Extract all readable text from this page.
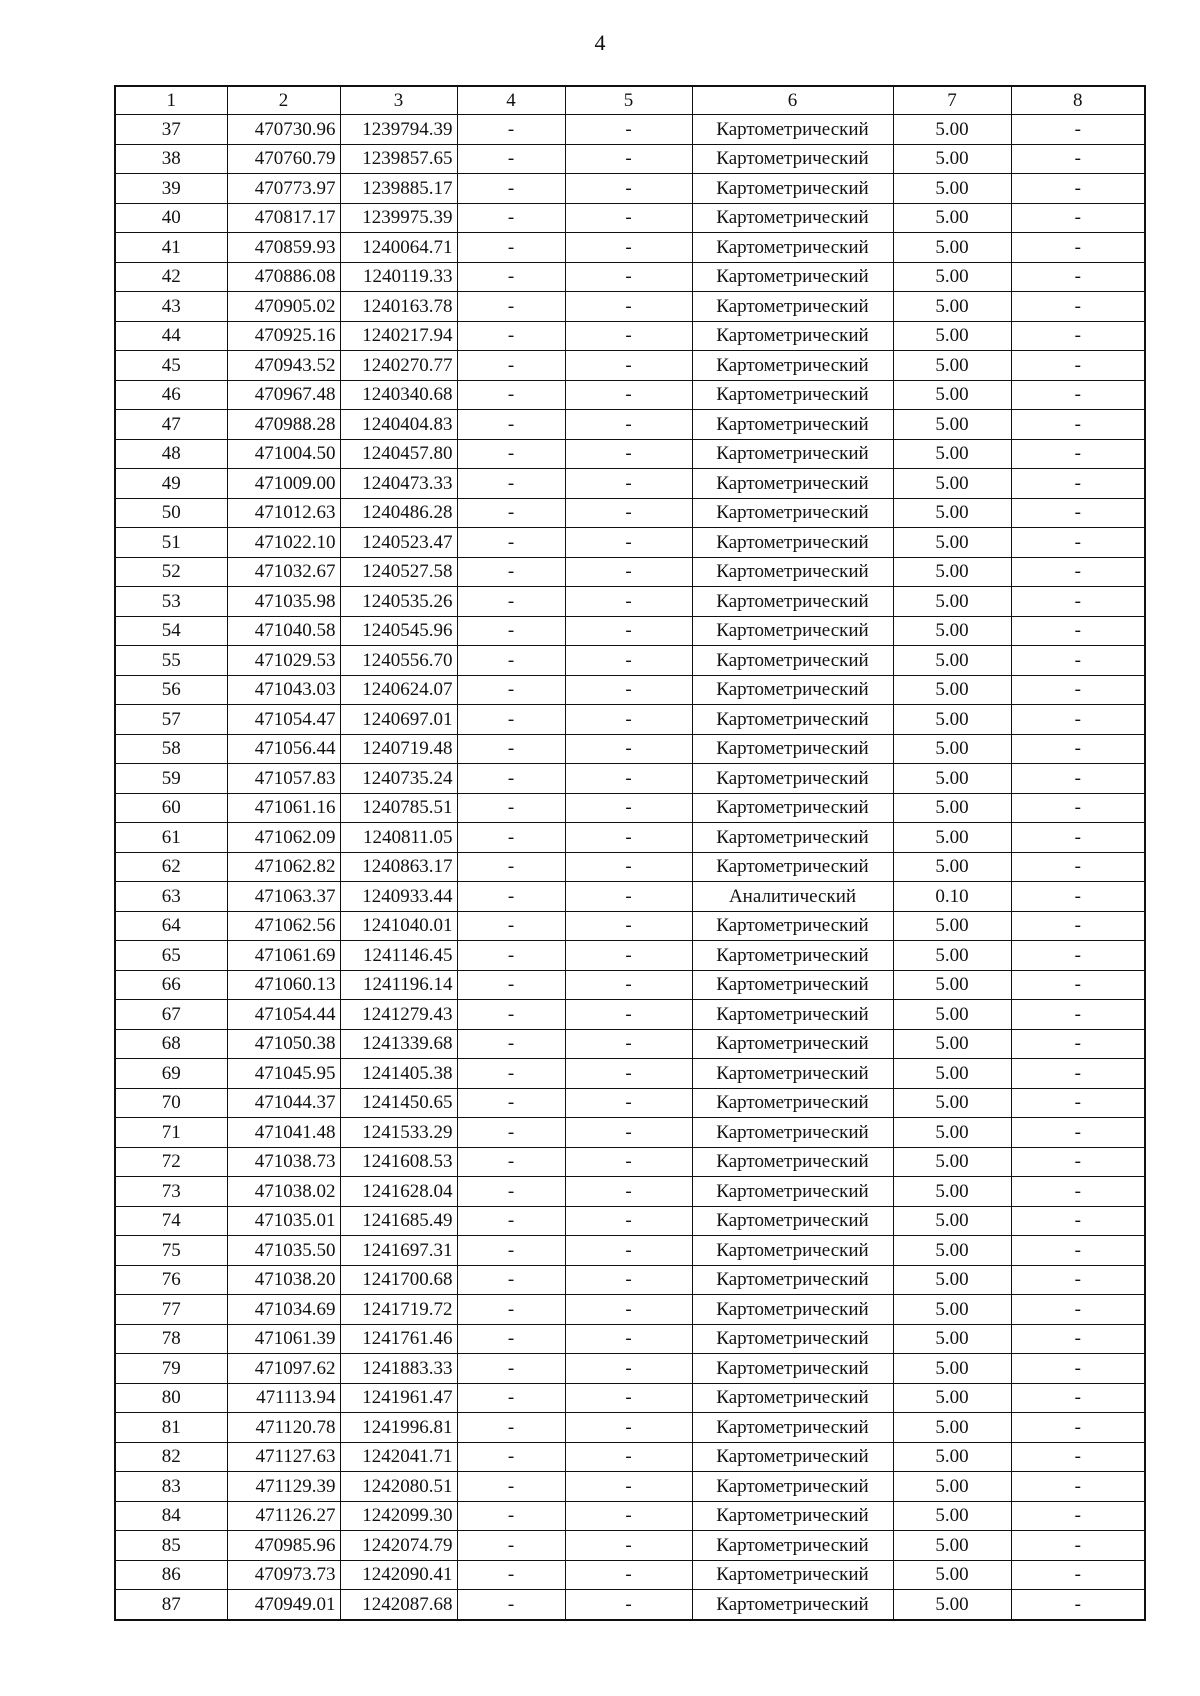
4
1	2	3	4	5	6	7	8
37	470730.96	1239794.39	-	-	Картометрический	5.00	-
38	470760.79	1239857.65	-	-	Картометрический	5.00	-
39	470773.97	1239885.17	-	-	Картометрический	5.00	-
40	470817.17	1239975.39	-	-	Картометрический	5.00	-
41	470859.93	1240064.71	-	-	Картометрический	5.00	-
42	470886.08	1240119.33	-	-	Картометрический	5.00	-
43	470905.02	1240163.78	-	-	Картометрический	5.00	-
44	470925.16	1240217.94	-	-	Картометрический	5.00	-
45	470943.52	1240270.77	-	-	Картометрический	5.00	-
46	470967.48	1240340.68	-	-	Картометрический	5.00	-
47	470988.28	1240404.83	-	-	Картометрический	5.00	-
48	471004.50	1240457.80	-	-	Картометрический	5.00	-
49	471009.00	1240473.33	-	-	Картометрический	5.00	-
50	471012.63	1240486.28	-	-	Картометрический	5.00	-
51	471022.10	1240523.47	-	-	Картометрический	5.00	-
52	471032.67	1240527.58	-	-	Картометрический	5.00	-
53	471035.98	1240535.26	-	-	Картометрический	5.00	-
54	471040.58	1240545.96	-	-	Картометрический	5.00	-
55	471029.53	1240556.70	-	-	Картометрический	5.00	-
56	471043.03	1240624.07	-	-	Картометрический	5.00	-
57	471054.47	1240697.01	-	-	Картометрический	5.00	-
58	471056.44	1240719.48	-	-	Картометрический	5.00	-
59	471057.83	1240735.24	-	-	Картометрический	5.00	-
60	471061.16	1240785.51	-	-	Картометрический	5.00	-
61	471062.09	1240811.05	-	-	Картометрический	5.00	-
62	471062.82	1240863.17	-	-	Картометрический	5.00	-
63	471063.37	1240933.44	-	-	Аналитический	0.10	-
64	471062.56	1241040.01	-	-	Картометрический	5.00	-
65	471061.69	1241146.45	-	-	Картометрический	5.00	-
66	471060.13	1241196.14	-	-	Картометрический	5.00	-
67	471054.44	1241279.43	-	-	Картометрический	5.00	-
68	471050.38	1241339.68	-	-	Картометрический	5.00	-
69	471045.95	1241405.38	-	-	Картометрический	5.00	-
70	471044.37	1241450.65	-	-	Картометрический	5.00	-
71	471041.48	1241533.29	-	-	Картометрический	5.00	-
72	471038.73	1241608.53	-	-	Картометрический	5.00	-
73	471038.02	1241628.04	-	-	Картометрический	5.00	-
74	471035.01	1241685.49	-	-	Картометрический	5.00	-
75	471035.50	1241697.31	-	-	Картометрический	5.00	-
76	471038.20	1241700.68	-	-	Картометрический	5.00	-
77	471034.69	1241719.72	-	-	Картометрический	5.00	-
78	471061.39	1241761.46	-	-	Картометрический	5.00	-
79	471097.62	1241883.33	-	-	Картометрический	5.00	-
80	471113.94	1241961.47	-	-	Картометрический	5.00	-
81	471120.78	1241996.81	-	-	Картометрический	5.00	-
82	471127.63	1242041.71	-	-	Картометрический	5.00	-
83	471129.39	1242080.51	-	-	Картометрический	5.00	-
84	471126.27	1242099.30	-	-	Картометрический	5.00	-
85	470985.96	1242074.79	-	-	Картометрический	5.00	-
86	470973.73	1242090.41	-	-	Картометрический	5.00	-
87	470949.01	1242087.68	-	-	Картометрический	5.00	-
